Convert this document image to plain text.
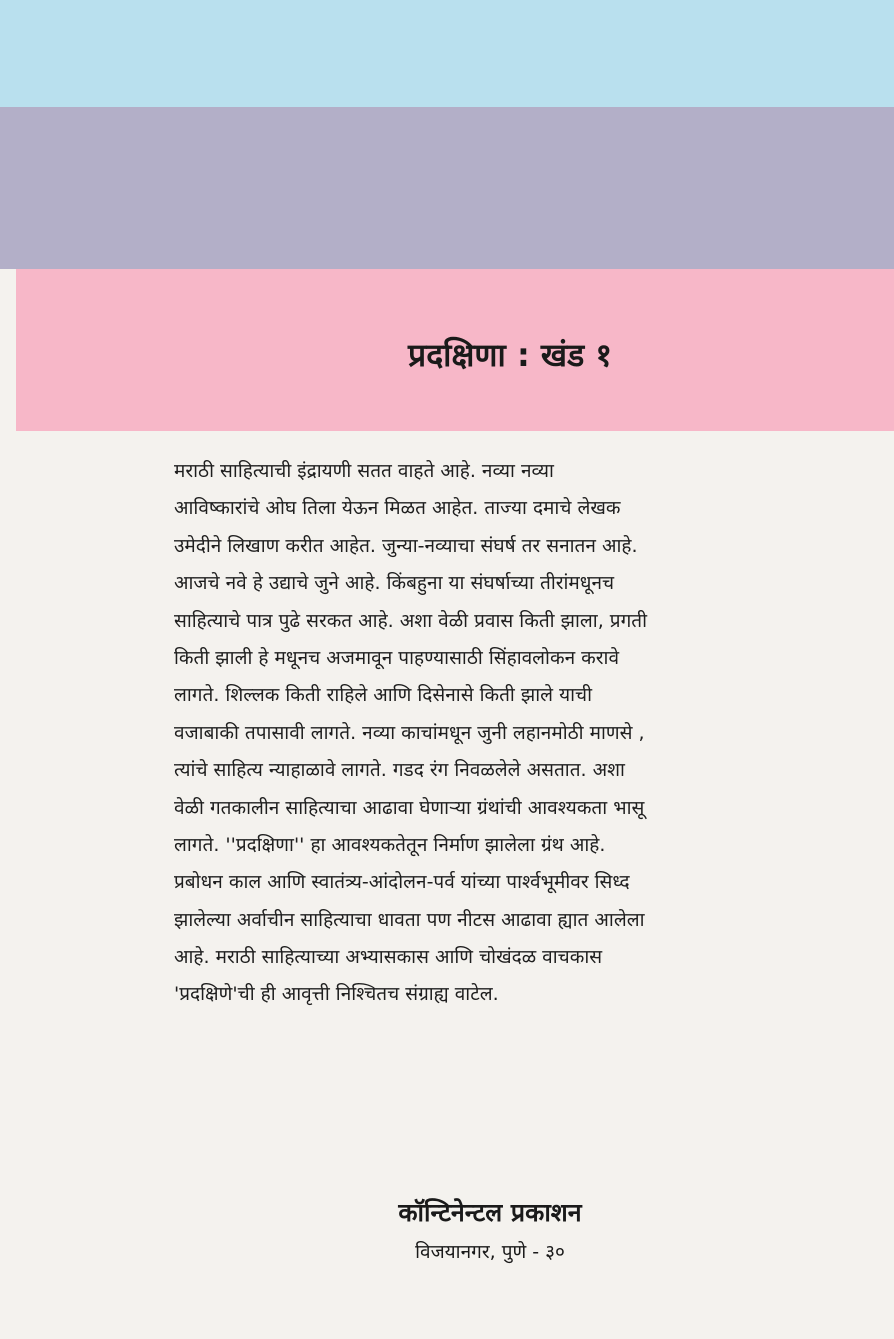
प्रदक्षिणा : खंड १

मराठी साहित्याची इंद्रायणी सतत वाहते आहे. नव्या नव्या
आविष्कारांचे ओघ तिला येऊन मिळत आहेत. ताज्या दमाचे लेखक
उमेदीने लिखाण करीत आहेत. जुन्या-नव्याचा संघर्ष तर सनातन आहे.
आजचे नवे हे उद्याचे जुने आहे. किंबहुना या संघर्षाच्या तीरांमधूनच
साहित्याचे पात्र पुढे सरकत आहे. अशा वेळी प्रवास किती झाला, प्रगती
किती झाली हे मधूनच अजमावून पाहण्यासाठी सिंहावलोकन करावे
लागते. शिल्लक किती राहिले आणि दिसेनासे किती झाले याची
वजाबाकी तपासावी लागते. नव्या काचांमधून जुनी लहानमोठी माणसे ,
त्यांचे साहित्य न्याहाळावे लागते. गडद रंग निवळलेले असतात. अशा
वेळी गतकालीन साहित्याचा आढावा घेणाऱ्या ग्रंथांची आवश्यकता भासू
लागते. ''प्रदक्षिणा'' हा आवश्यकतेतून निर्माण झालेला ग्रंथ आहे.
प्रबोधन काल आणि स्वातंत्र्य-आंदोलन-पर्व यांच्या पार्श्वभूमीवर सिध्द
झालेल्या अर्वाचीन साहित्याचा धावता पण नीटस आढावा ह्यात आलेला
आहे. मराठी साहित्याच्या अभ्यासकास आणि चोखंदळ वाचकास
'प्रदक्षिणे'ची ही आवृत्ती निश्चितच संग्राह्य वाटेल.

कॉन्टिनेन्टल प्रकाशन
विजयानगर, पुणे - ३०
